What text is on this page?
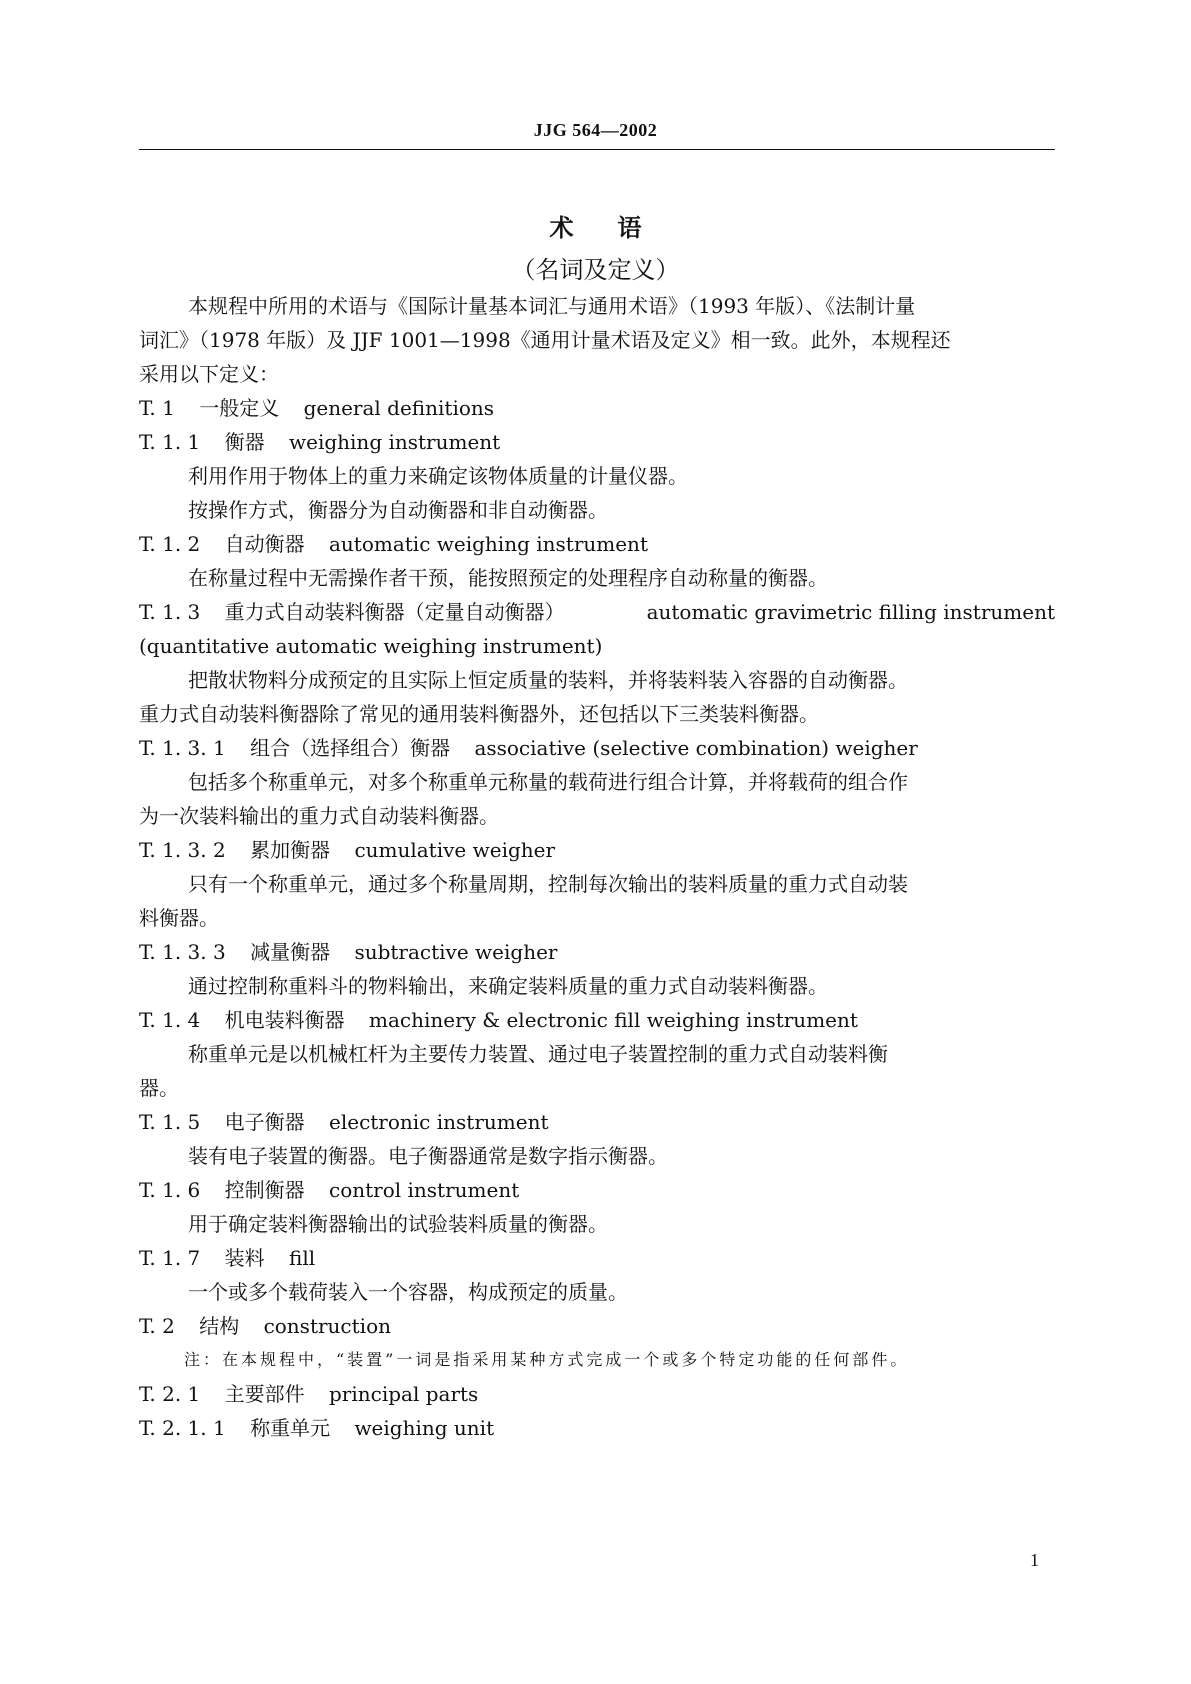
JJG 564—2002
术语
（名词及定义）
本规程中所用的术语与《国际计量基本词汇与通用术语》（1993 年版）、《法制计量
词汇》（1978 年版）及 JJF 1001—1998《通用计量术语及定义》相一致。此外，本规程还
采用以下定义：
T. 1 一般定义 general definitions
T. 1. 1 衡器 weighing instrument
利用作用于物体上的重力来确定该物体质量的计量仪器。
按操作方式，衡器分为自动衡器和非自动衡器。
T. 1. 2 自动衡器 automatic weighing instrument
在称量过程中无需操作者干预，能按照预定的处理程序自动称量的衡器。
T. 1. 3 重力式自动装料衡器（定量自动衡器）	automatic gravimetric filling instrument
(quantitative automatic weighing instrument)
把散状物料分成预定的且实际上恒定质量的装料，并将装料装入容器的自动衡器。
重力式自动装料衡器除了常见的通用装料衡器外，还包括以下三类装料衡器。
T. 1. 3. 1 组合（选择组合）衡器 associative (selective combination) weigher
包括多个称重单元，对多个称重单元称量的载荷进行组合计算，并将载荷的组合作
为一次装料输出的重力式自动装料衡器。
T. 1. 3. 2 累加衡器 cumulative weigher
只有一个称重单元，通过多个称量周期，控制每次输出的装料质量的重力式自动装
料衡器。
T. 1. 3. 3 减量衡器 subtractive weigher
通过控制称重料斗的物料输出，来确定装料质量的重力式自动装料衡器。
T. 1. 4 机电装料衡器 machinery & electronic fill weighing instrument
称重单元是以机械杠杆为主要传力装置、通过电子装置控制的重力式自动装料衡
器。
T. 1. 5 电子衡器 electronic instrument
装有电子装置的衡器。电子衡器通常是数字指示衡器。
T. 1. 6 控制衡器 control instrument
用于确定装料衡器输出的试验装料质量的衡器。
T. 1. 7 装料 fill
一个或多个载荷装入一个容器，构成预定的质量。
T. 2 结构 construction
注：在本规程中，“装置”一词是指采用某种方式完成一个或多个特定功能的任何部件。
T. 2. 1 主要部件 principal parts
T. 2. 1. 1 称重单元 weighing unit
1
